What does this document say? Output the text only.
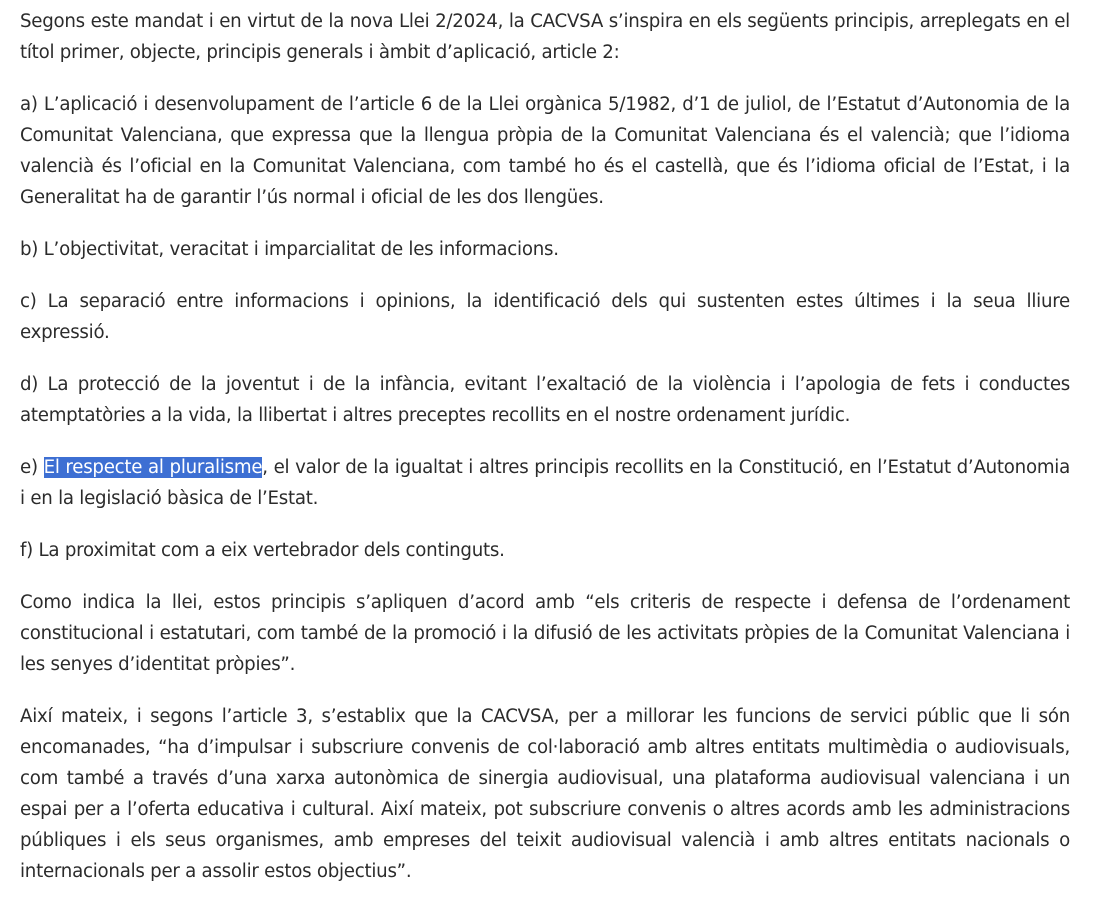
Segons este mandat i en virtut de la nova Llei 2/2024, la CACVSA s’inspira en els següents principis, arreplegats en el títol primer, objecte, principis generals i àmbit d’aplicació, article 2:

a) L’aplicació i desenvolupament de l’article 6 de la Llei orgànica 5/1982, d’1 de juliol, de l’Estatut d’Autonomia de la Comunitat Valenciana, que expressa que la llengua pròpia de la Comunitat Valenciana és el valencià; que l’idioma valencià és l’oficial en la Comunitat Valenciana, com també ho és el castellà, que és l’idioma oficial de l’Estat, i la Generalitat ha de garantir l’ús normal i oficial de les dos llengües.

b) L’objectivitat, veracitat i imparcialitat de les informacions.

c) La separació entre informacions i opinions, la identificació dels qui sustenten estes últimes i la seua lliure expressió.

d) La protecció de la joventut i de la infància, evitant l’exaltació de la violència i l’apologia de fets i conductes atemptatòries a la vida, la llibertat i altres preceptes recollits en el nostre ordenament jurídic.

e) El respecte al pluralisme, el valor de la igualtat i altres principis recollits en la Constitució, en l’Estatut d’Autonomia i en la legislació bàsica de l’Estat.

f) La proximitat com a eix vertebrador dels continguts.

Como indica la llei, estos principis s’apliquen d’acord amb “els criteris de respecte i defensa de l’ordenament constitucional i estatutari, com també de la promoció i la difusió de les activitats pròpies de la Comunitat Valenciana i les senyes d’identitat pròpies”.

Així mateix, i segons l’article 3, s’establix que la CACVSA, per a millorar les funcions de servici públic que li són encomanades, “ha d’impulsar i subscriure convenis de col·laboració amb altres entitats multimèdia o audiovisuals, com també a través d’una xarxa autonòmica de sinergia audiovisual, una plataforma audiovisual valenciana i un espai per a l’oferta educativa i cultural. Així mateix, pot subscriure convenis o altres acords amb les administracions públiques i els seus organismes, amb empreses del teixit audiovisual valencià i amb altres entitats nacionals o internacionals per a assolir estos objectius”.
